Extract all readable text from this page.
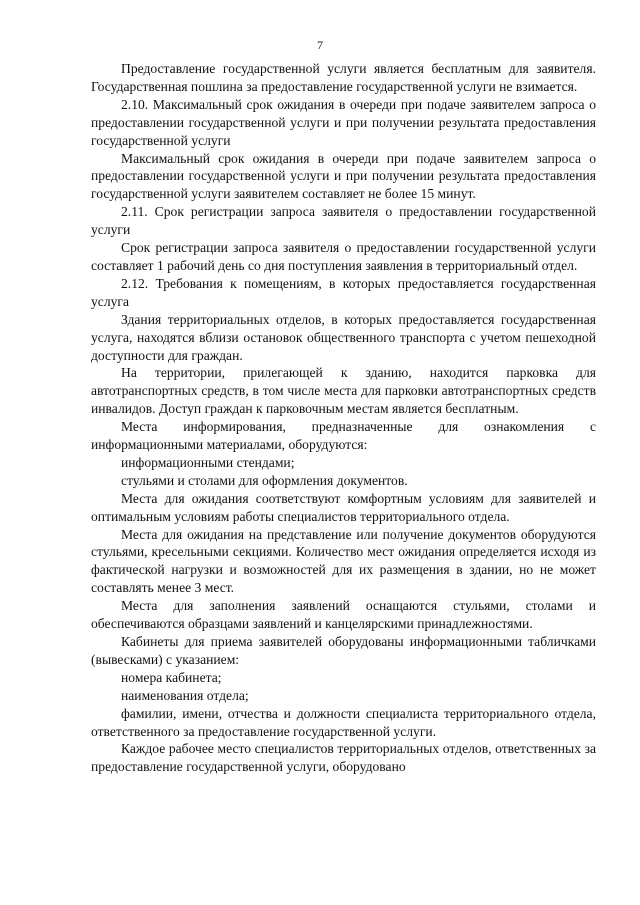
7

Предоставление государственной услуги является бесплатным для заявителя. Государственная пошлина за предоставление государственной услуги не взимается.

2.10. Максимальный срок ожидания в очереди при подаче заявителем запроса о предоставлении государственной услуги и при получении результата предоставления государственной услуги

Максимальный срок ожидания в очереди при подаче заявителем запроса о предоставлении государственной услуги и при получении результата предоставления государственной услуги заявителем составляет не более 15 минут.

2.11. Срок регистрации запроса заявителя о предоставлении государственной услуги

Срок регистрации запроса заявителя о предоставлении государственной услуги составляет 1 рабочий день со дня поступления заявления в территориальный отдел.

2.12. Требования к помещениям, в которых предоставляется государственная услуга

Здания территориальных отделов, в которых предоставляется государственная услуга, находятся вблизи остановок общественного транспорта с учетом пешеходной доступности для граждан.

На территории, прилегающей к зданию, находится парковка для автотранспортных средств, в том числе места для парковки автотранспортных средств инвалидов. Доступ граждан к парковочным местам является бесплатным.

Места информирования, предназначенные для ознакомления с информационными материалами, оборудуются:

информационными стендами;

стульями и столами для оформления документов.

Места для ожидания соответствуют комфортным условиям для заявителей и оптимальным условиям работы специалистов территориального отдела.

Места для ожидания на представление или получение документов оборудуются стульями, кресельными секциями. Количество мест ожидания определяется исходя из фактической нагрузки и возможностей для их размещения в здании, но не может составлять менее 3 мест.

Места для заполнения заявлений оснащаются стульями, столами и обеспечиваются образцами заявлений и канцелярскими принадлежностями.

Кабинеты для приема заявителей оборудованы информационными табличками (вывесками) с указанием:

номера кабинета;

наименования отдела;

фамилии, имени, отчества и должности специалиста территориального отдела, ответственного за предоставление государственной услуги.

Каждое рабочее место специалистов территориальных отделов, ответственных за предоставление государственной услуги, оборудовано
